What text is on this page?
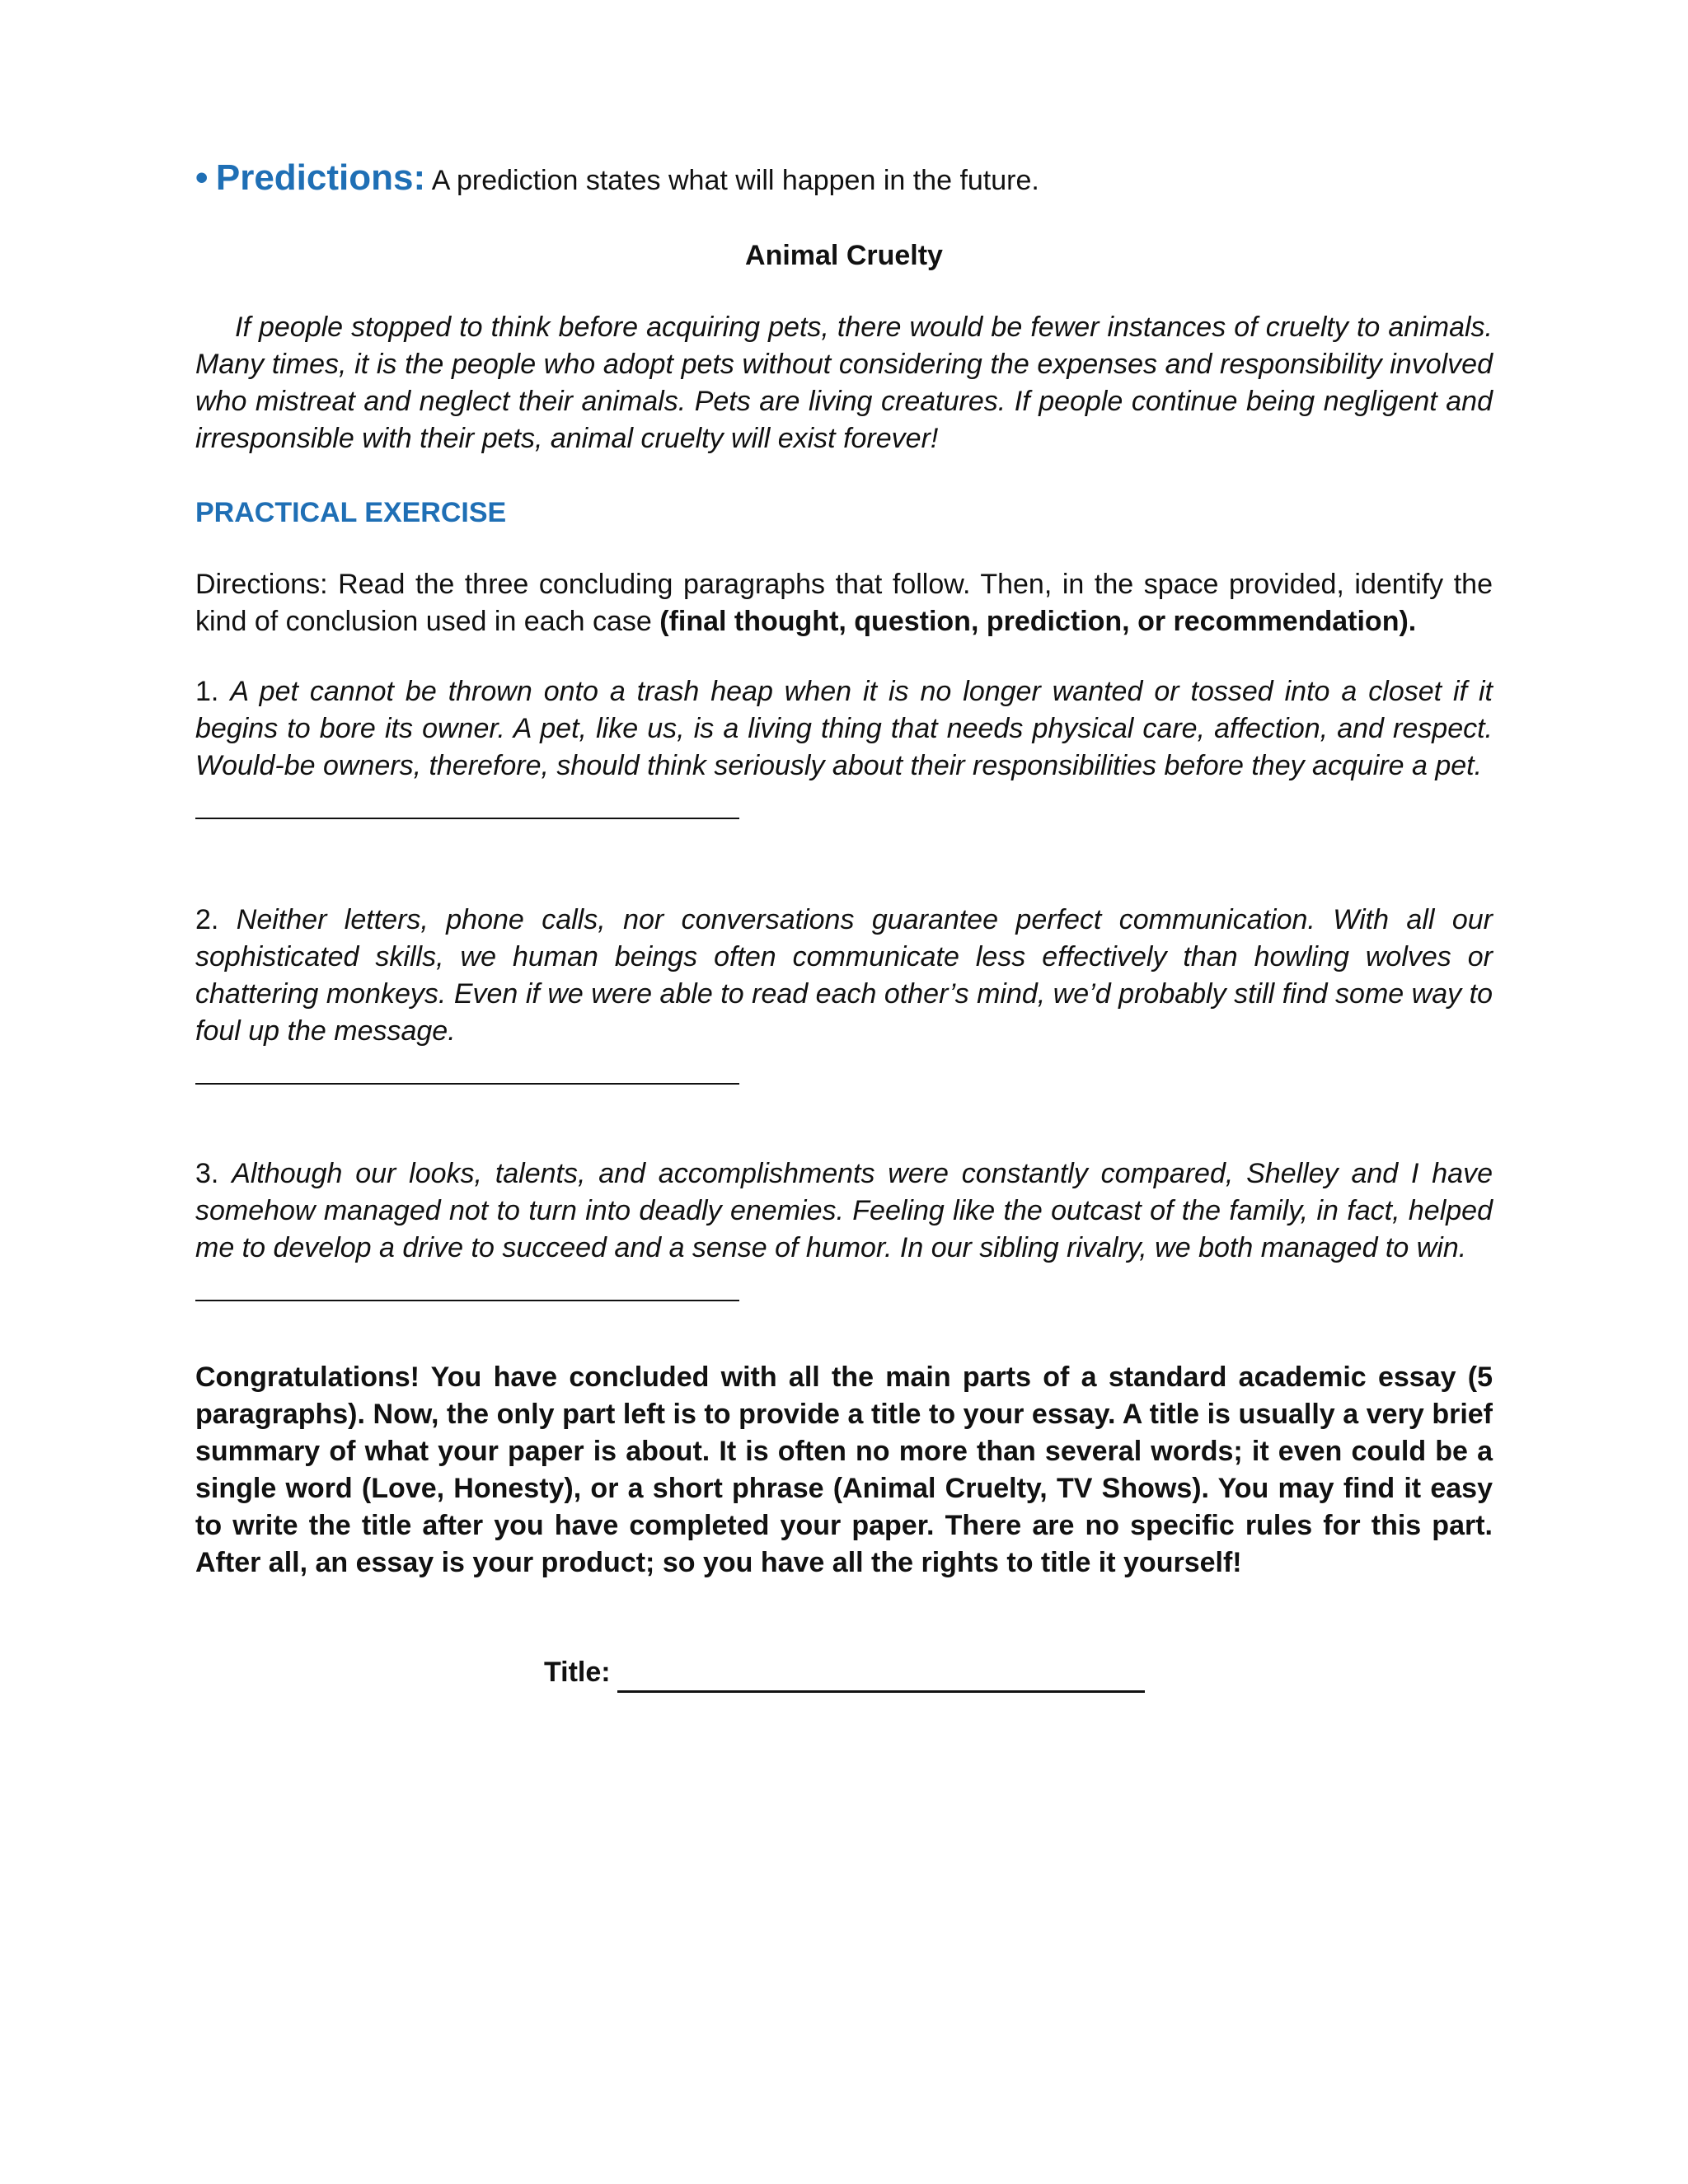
• Predictions: A prediction states what will happen in the future.

Animal Cruelty

If people stopped to think before acquiring pets, there would be fewer instances of cruelty to animals. Many times, it is the people who adopt pets without considering the expenses and responsibility involved who mistreat and neglect their animals. Pets are living creatures. If people continue being negligent and irresponsible with their pets, animal cruelty will exist forever!

PRACTICAL EXERCISE

Directions: Read the three concluding paragraphs that follow. Then, in the space provided, identify the kind of conclusion used in each case (final thought, question, prediction, or recommendation).

1. A pet cannot be thrown onto a trash heap when it is no longer wanted or tossed into a closet if it begins to bore its owner. A pet, like us, is a living thing that needs physical care, affection, and respect. Would-be owners, therefore, should think seriously about their responsibilities before they acquire a pet.

2. Neither letters, phone calls, nor conversations guarantee perfect communication. With all our sophisticated skills, we human beings often communicate less effectively than howling wolves or chattering monkeys. Even if we were able to read each other’s mind, we’d probably still find some way to foul up the message.

3. Although our looks, talents, and accomplishments were constantly compared, Shelley and I have somehow managed not to turn into deadly enemies. Feeling like the outcast of the family, in fact, helped me to develop a drive to succeed and a sense of humor. In our sibling rivalry, we both managed to win.

Congratulations! You have concluded with all the main parts of a standard academic essay (5 paragraphs). Now, the only part left is to provide a title to your essay. A title is usually a very brief summary of what your paper is about. It is often no more than several words; it even could be a single word (Love, Honesty), or a short phrase (Animal Cruelty, TV Shows). You may find it easy to write the title after you have completed your paper. There are no specific rules for this part. After all, an essay is your product; so you have all the rights to title it yourself!

Title:
